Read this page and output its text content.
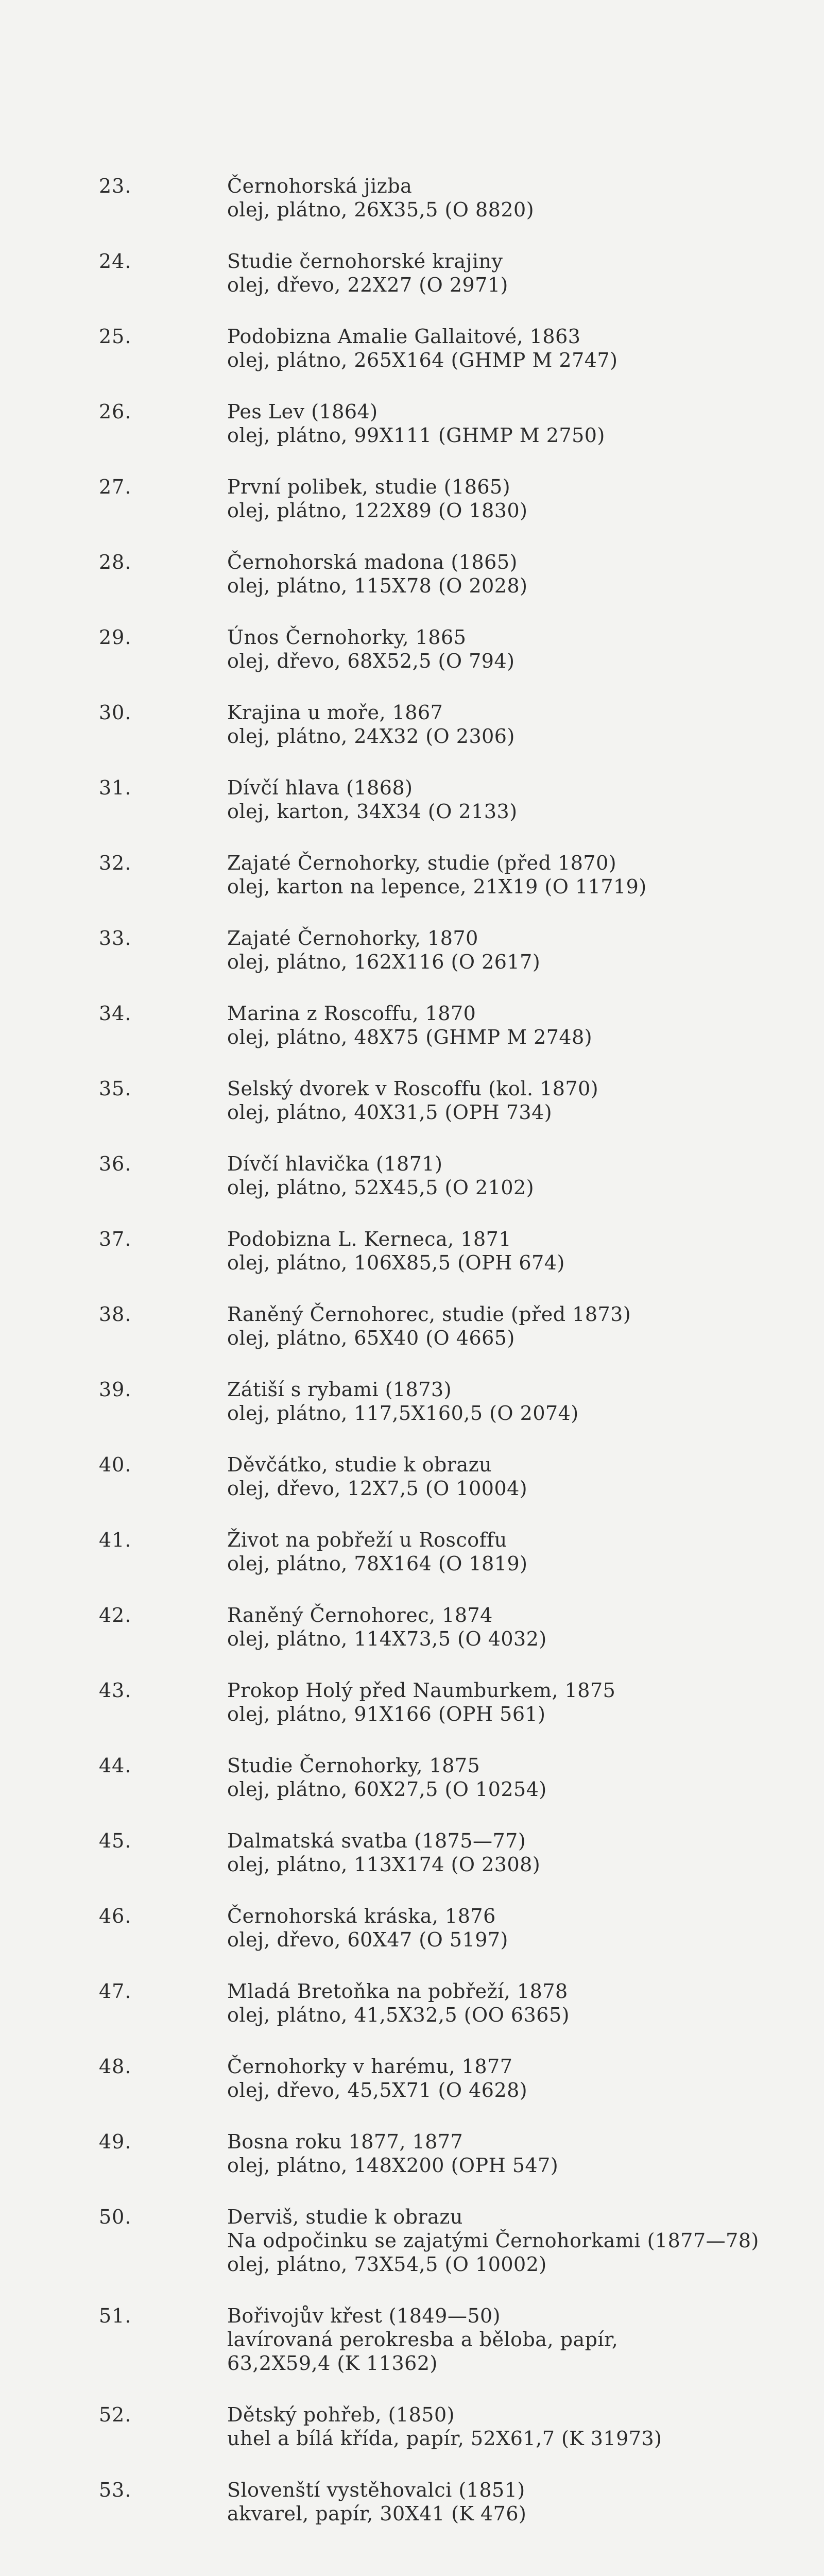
23.	Černohorská jizba
olej, plátno, 26X35,5 (O 8820)
24.	Studie černohorské krajiny
olej, dřevo, 22X27 (O 2971)
25.	Podobizna Amalie Gallaitové, 1863
olej, plátno, 265X164 (GHMP M 2747)
26.	Pes Lev (1864)
olej, plátno, 99X111 (GHMP M 2750)
27.	První polibek, studie (1865)
olej, plátno, 122X89 (O 1830)
28.	Černohorská madona (1865)
olej, plátno, 115X78 (O 2028)
29.	Únos Černohorky, 1865
olej, dřevo, 68X52,5 (O 794)
30.	Krajina u moře, 1867
olej, plátno, 24X32 (O 2306)
31.	Dívčí hlava (1868)
olej, karton, 34X34 (O 2133)
32.	Zajaté Černohorky, studie (před 1870)
olej, karton na lepence, 21X19 (O 11719)
33.	Zajaté Černohorky, 1870
olej, plátno, 162X116 (O 2617)
34.	Marina z Roscoffu, 1870
olej, plátno, 48X75 (GHMP M 2748)
35.	Selský dvorek v Roscoffu (kol. 1870)
olej, plátno, 40X31,5 (OPH 734)
36.	Dívčí hlavička (1871)
olej, plátno, 52X45,5 (O 2102)
37.	Podobizna L. Kerneca, 1871
olej, plátno, 106X85,5 (OPH 674)
38.	Raněný Černohorec, studie (před 1873)
olej, plátno, 65X40 (O 4665)
39.	Zátiší s rybami (1873)
olej, plátno, 117,5X160,5 (O 2074)
40.	Děvčátko, studie k obrazu
olej, dřevo, 12X7,5 (O 10004)
41.	Život na pobřeží u Roscoffu
olej, plátno, 78X164 (O 1819)
42.	Raněný Černohorec, 1874
olej, plátno, 114X73,5 (O 4032)
43.	Prokop Holý před Naumburkem, 1875
olej, plátno, 91X166 (OPH 561)
44.	Studie Černohorky, 1875
olej, plátno, 60X27,5 (O 10254)
45.	Dalmatská svatba (1875—77)
olej, plátno, 113X174 (O 2308)
46.	Černohorská kráska, 1876
olej, dřevo, 60X47 (O 5197)
47.	Mladá Bretoňka na pobřeží, 1878
olej, plátno, 41,5X32,5 (OO 6365)
48.	Černohorky v harému, 1877
olej, dřevo, 45,5X71 (O 4628)
49.	Bosna roku 1877, 1877
olej, plátno, 148X200 (OPH 547)
50.	Derviš, studie k obrazu
Na odpočinku se zajatými Černohorkami (1877—78)
olej, plátno, 73X54,5 (O 10002)
51.	Bořivojův křest (1849—50)
lavírovaná perokresba a běloba, papír,
63,2X59,4 (K 11362)
52.	Dětský pohřeb, (1850)
uhel a bílá křída, papír, 52X61,7 (K 31973)
53.	Slovenští vystěhovalci (1851)
akvarel, papír, 30X41 (K 476)
